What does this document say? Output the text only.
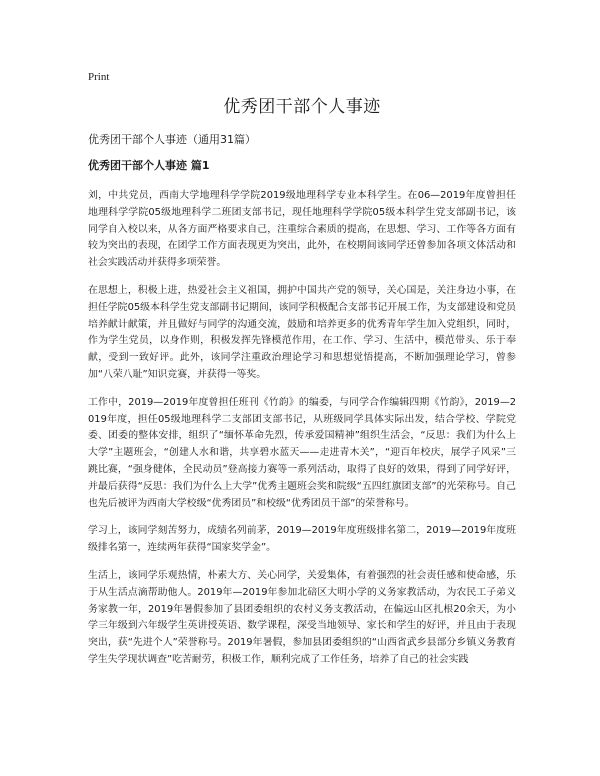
Print
优秀团干部个人事迹
优秀团干部个人事迹（通用31篇）
优秀团干部个人事迹 篇1

刘，中共党员，西南大学地理科学学院2019级地理科学专业本科学生。在06—2019年度曾担任地理科学学院05级地理科学二班团支部书记，现任地理科学学院05级本科学生党支部副书记，该同学自入校以来，从各方面严格要求自己，注重综合素质的提高，在思想、学习、工作等各方面有较为突出的表现，在团学工作方面表现更为突出，此外，在校期间该同学还曾参加各项文体活动和社会实践活动并获得多项荣誉。

在思想上，积极上进，热爱社会主义祖国，拥护中国共产党的领导，关心国是，关注身边小事，在担任学院05级本科学生党支部副书记期间，该同学积极配合支部书记开展工作，为支部建设和党员培养献计献策，并且做好与同学的沟通交流，鼓励和培养更多的优秀青年学生加入党组织，同时，作为学生党员，以身作则，积极发挥先锋模范作用，在工作、学习、生活中，模范带头、乐于奉献，受到一致好评。此外，该同学注重政治理论学习和思想觉悟提高，不断加强理论学习，曾参加“八荣八耻”知识竞赛，并获得一等奖。

工作中，2019—2019年度曾担任班刊《竹韵》的编委，与同学合作编辑四期《竹韵》，2019—2019年度，担任05级地理科学二支部团支部书记，从班级同学具体实际出发，结合学校、学院党委、团委的整体安排，组织了“缅怀革命先烈，传承爱国精神”组织生活会，“反思：我们为什么上大学”主题班会，“创建人水和谐，共享碧水蓝天——走进青木关”，“迎百年校庆，展学子风采”三跳比赛，“强身健体，全民动员”登高接力赛等一系列活动，取得了良好的效果，得到了同学好评，并最后获得“反思：我们为什么上大学”优秀主题班会奖和院级“五四红旗团支部”的光荣称号。自己也先后被评为西南大学校级“优秀团员”和校级“优秀团员干部”的荣誉称号。

学习上，该同学刻苦努力，成绩名列前茅，2019—2019年度班级排名第二，2019—2019年度班级排名第一，连续两年获得“国家奖学金”。

生活上，该同学乐观热情，朴素大方、关心同学，关爱集体，有着强烈的社会责任感和使命感，乐于从生活点滴帮助他人。2019年—2019年参加北碚区大明小学的义务家教活动，为农民工子弟义务家教一年，2019年暑假参加了县团委组织的农村义务支教活动，在偏远山区扎根20余天，为小学三年级到六年级学生英讲授英语、数学课程，深受当地领导、家长和学生的好评，并且由于表现突出，获“先进个人”荣誉称号。2019年暑假，参加县团委组织的“山西省武乡县部分乡镇义务教育学生失学现状调查”吃苦耐劳，积极工作，顺利完成了工作任务，培养了自己的社会实践
